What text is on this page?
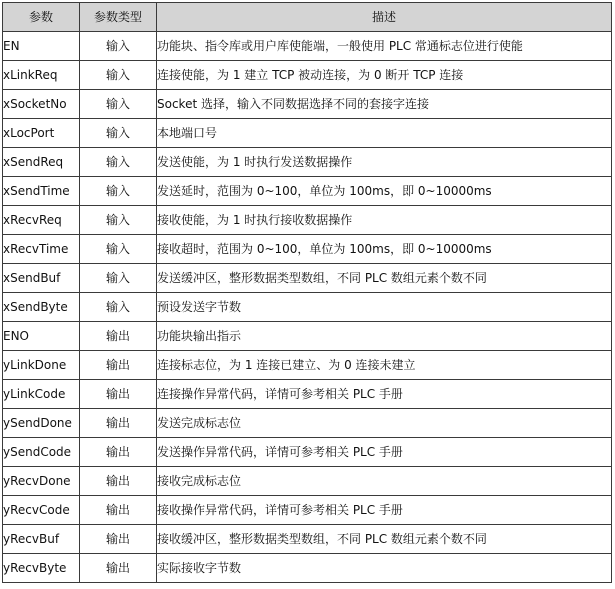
参数	参数类型	描述
EN	输入	功能块、指令库或用户库使能端，一般使用 PLC 常通标志位进行使能
xLinkReq	输入	连接使能，为 1 建立 TCP 被动连接，为 0 断开 TCP 连接
xSocketNo	输入	Socket 选择，输入不同数据选择不同的套接字连接
xLocPort	输入	本地端口号
xSendReq	输入	发送使能，为 1 时执行发送数据操作
xSendTime	输入	发送延时，范围为 0~100，单位为 100ms，即 0~10000ms
xRecvReq	输入	接收使能，为 1 时执行接收数据操作
xRecvTime	输入	接收超时，范围为 0~100，单位为 100ms，即 0~10000ms
xSendBuf	输入	发送缓冲区，整形数据类型数组，不同 PLC 数组元素个数不同
xSendByte	输入	预设发送字节数
ENO	输出	功能块输出指示
yLinkDone	输出	连接标志位，为 1 连接已建立、为 0 连接未建立
yLinkCode	输出	连接操作异常代码，详情可参考相关 PLC 手册
ySendDone	输出	发送完成标志位
ySendCode	输出	发送操作异常代码，详情可参考相关 PLC 手册
yRecvDone	输出	接收完成标志位
yRecvCode	输出	接收操作异常代码，详情可参考相关 PLC 手册
yRecvBuf	输出	接收缓冲区，整形数据类型数组，不同 PLC 数组元素个数不同
yRecvByte	输出	实际接收字节数
